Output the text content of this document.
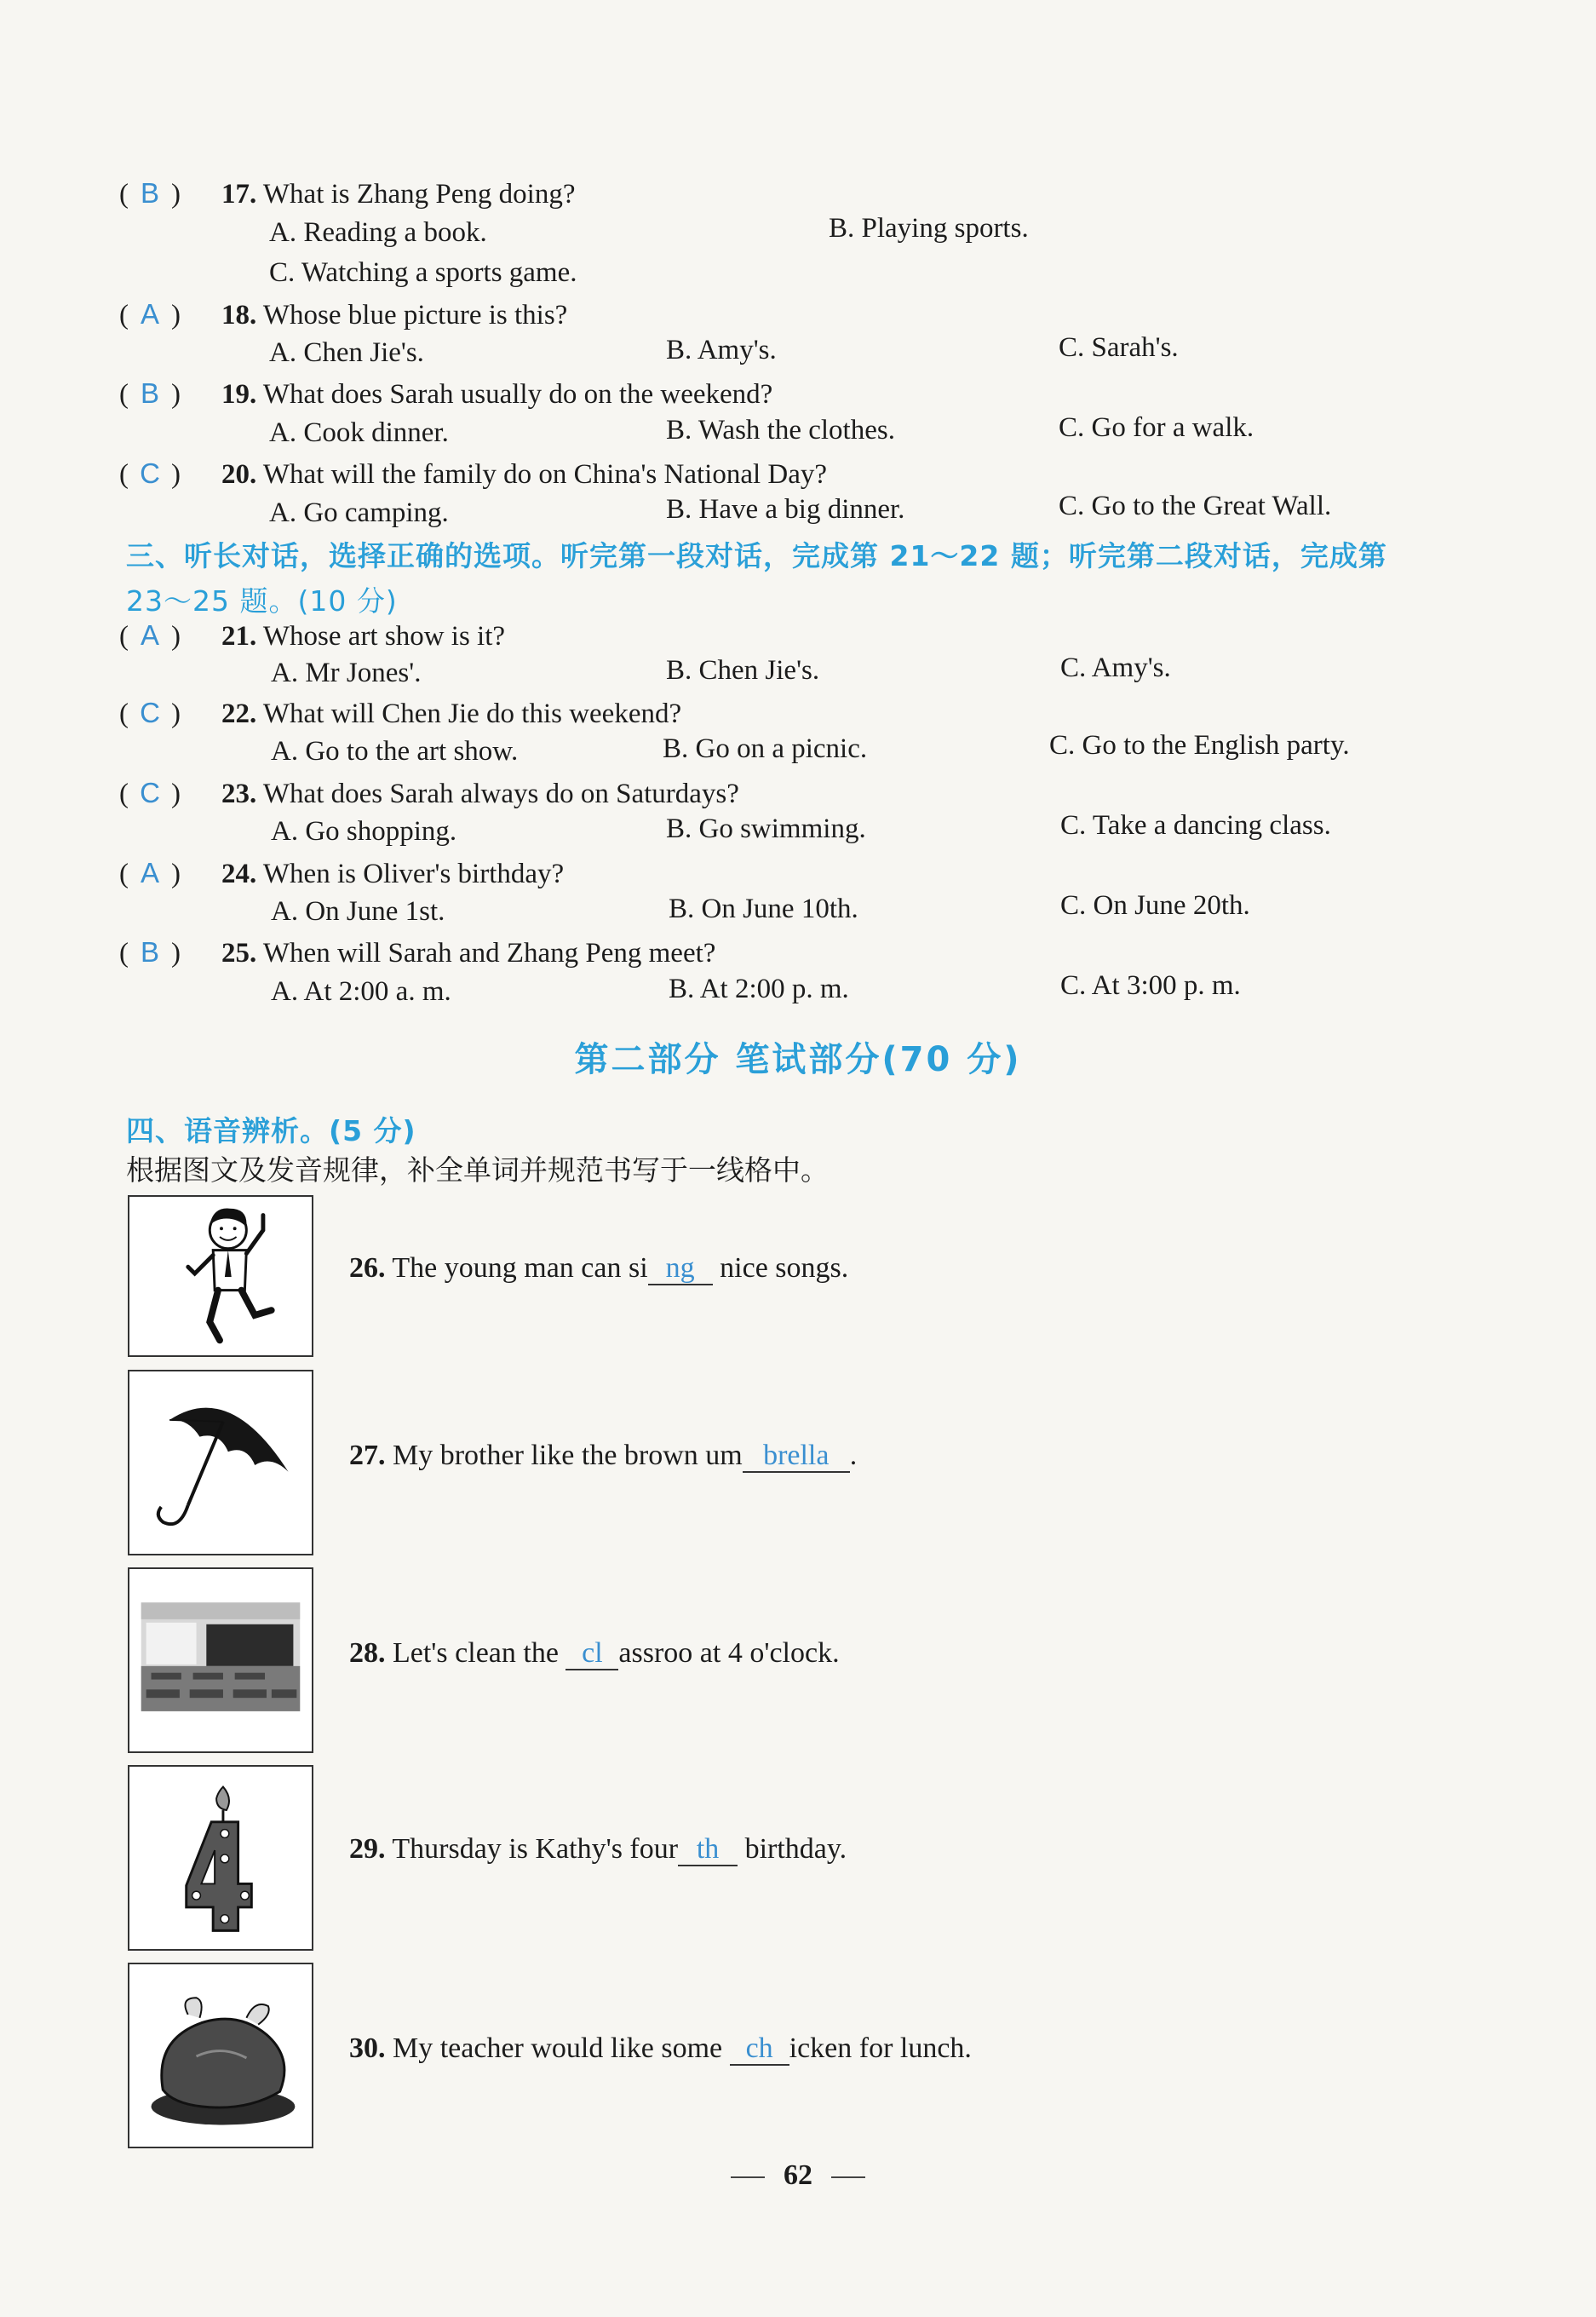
( B ) 17. What is Zhang Peng doing?
A. Reading a book.	B. Playing sports.
C. Watching a sports game.
( A ) 18. Whose blue picture is this?
A. Chen Jie's.	B. Amy's.	C. Sarah's.
( B ) 19. What does Sarah usually do on the weekend?
A. Cook dinner.	B. Wash the clothes.	C. Go for a walk.
( C ) 20. What will the family do on China's National Day?
A. Go camping.	B. Have a big dinner.	C. Go to the Great Wall.
三、听长对话，选择正确的选项。听完第一段对话，完成第 21～22 题；听完第二段对话，完成第
23～25 题。(10 分)
( A ) 21. Whose art show is it?
A. Mr Jones'.	B. Chen Jie's.	C. Amy's.
( C ) 22. What will Chen Jie do this weekend?
A. Go to the art show.	B. Go on a picnic.	C. Go to the English party.
( C ) 23. What does Sarah always do on Saturdays?
A. Go shopping.	B. Go swimming.	C. Take a dancing class.
( A ) 24. When is Oliver's birthday?
A. On June 1st.	B. On June 10th.	C. On June 20th.
( B ) 25. When will Sarah and Zhang Peng meet?
A. At 2:00 a. m.	B. At 2:00 p. m.	C. At 3:00 p. m.
第二部分 笔试部分(70 分)
四、语音辨析。(5 分)
根据图文及发音规律，补全单词并规范书写于一线格中。
26. The young man can si ng nice songs.
27. My brother like the brown um brella .
28. Let's clean the cl assroo at 4 o'clock.
29. Thursday is Kathy's four th birthday.
30. My teacher would like some ch icken for lunch.
62
